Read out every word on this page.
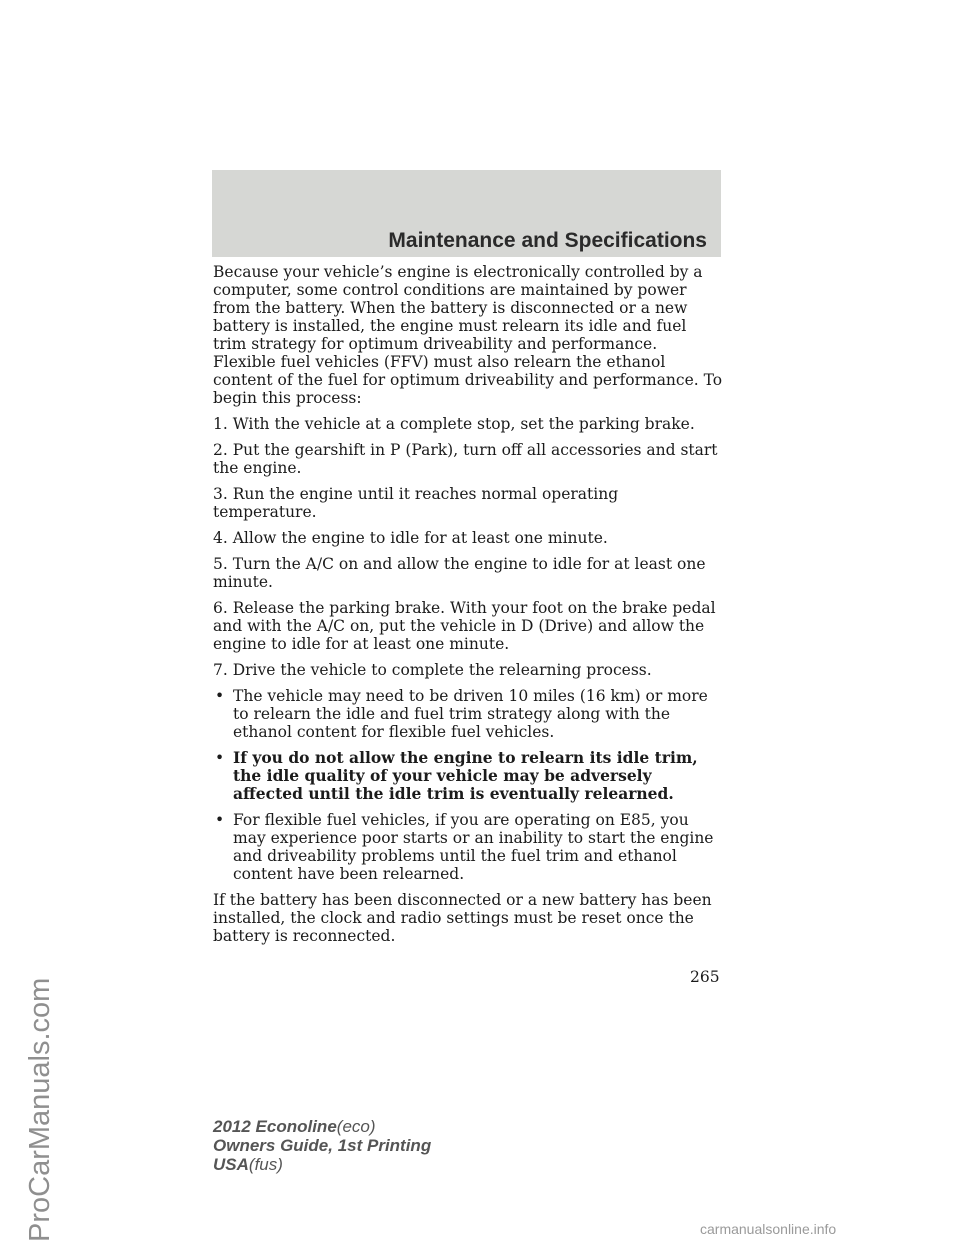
Maintenance and Specifications

Because your vehicle’s engine is electronically controlled by a computer, some control conditions are maintained by power from the battery. When the battery is disconnected or a new battery is installed, the engine must relearn its idle and fuel trim strategy for optimum driveability and performance. Flexible fuel vehicles (FFV) must also relearn the ethanol content of the fuel for optimum driveability and performance. To begin this process:

1. With the vehicle at a complete stop, set the parking brake.

2. Put the gearshift in P (Park), turn off all accessories and start the engine.

3. Run the engine until it reaches normal operating temperature.

4. Allow the engine to idle for at least one minute.

5. Turn the A/C on and allow the engine to idle for at least one minute.

6. Release the parking brake. With your foot on the brake pedal and with the A/C on, put the vehicle in D (Drive) and allow the engine to idle for at least one minute.

7. Drive the vehicle to complete the relearning process.

• The vehicle may need to be driven 10 miles (16 km) or more to relearn the idle and fuel trim strategy along with the ethanol content for flexible fuel vehicles.
• If you do not allow the engine to relearn its idle trim, the idle quality of your vehicle may be adversely affected until the idle trim is eventually relearned.
• For flexible fuel vehicles, if you are operating on E85, you may experience poor starts or an inability to start the engine and driveability problems until the fuel trim and ethanol content have been relearned.

If the battery has been disconnected or a new battery has been installed, the clock and radio settings must be reset once the battery is reconnected.

265
2012 Econoline(eco)
Owners Guide, 1st Printing
USA(fus)
ProCarManuals.com	carmanualsonline.info
